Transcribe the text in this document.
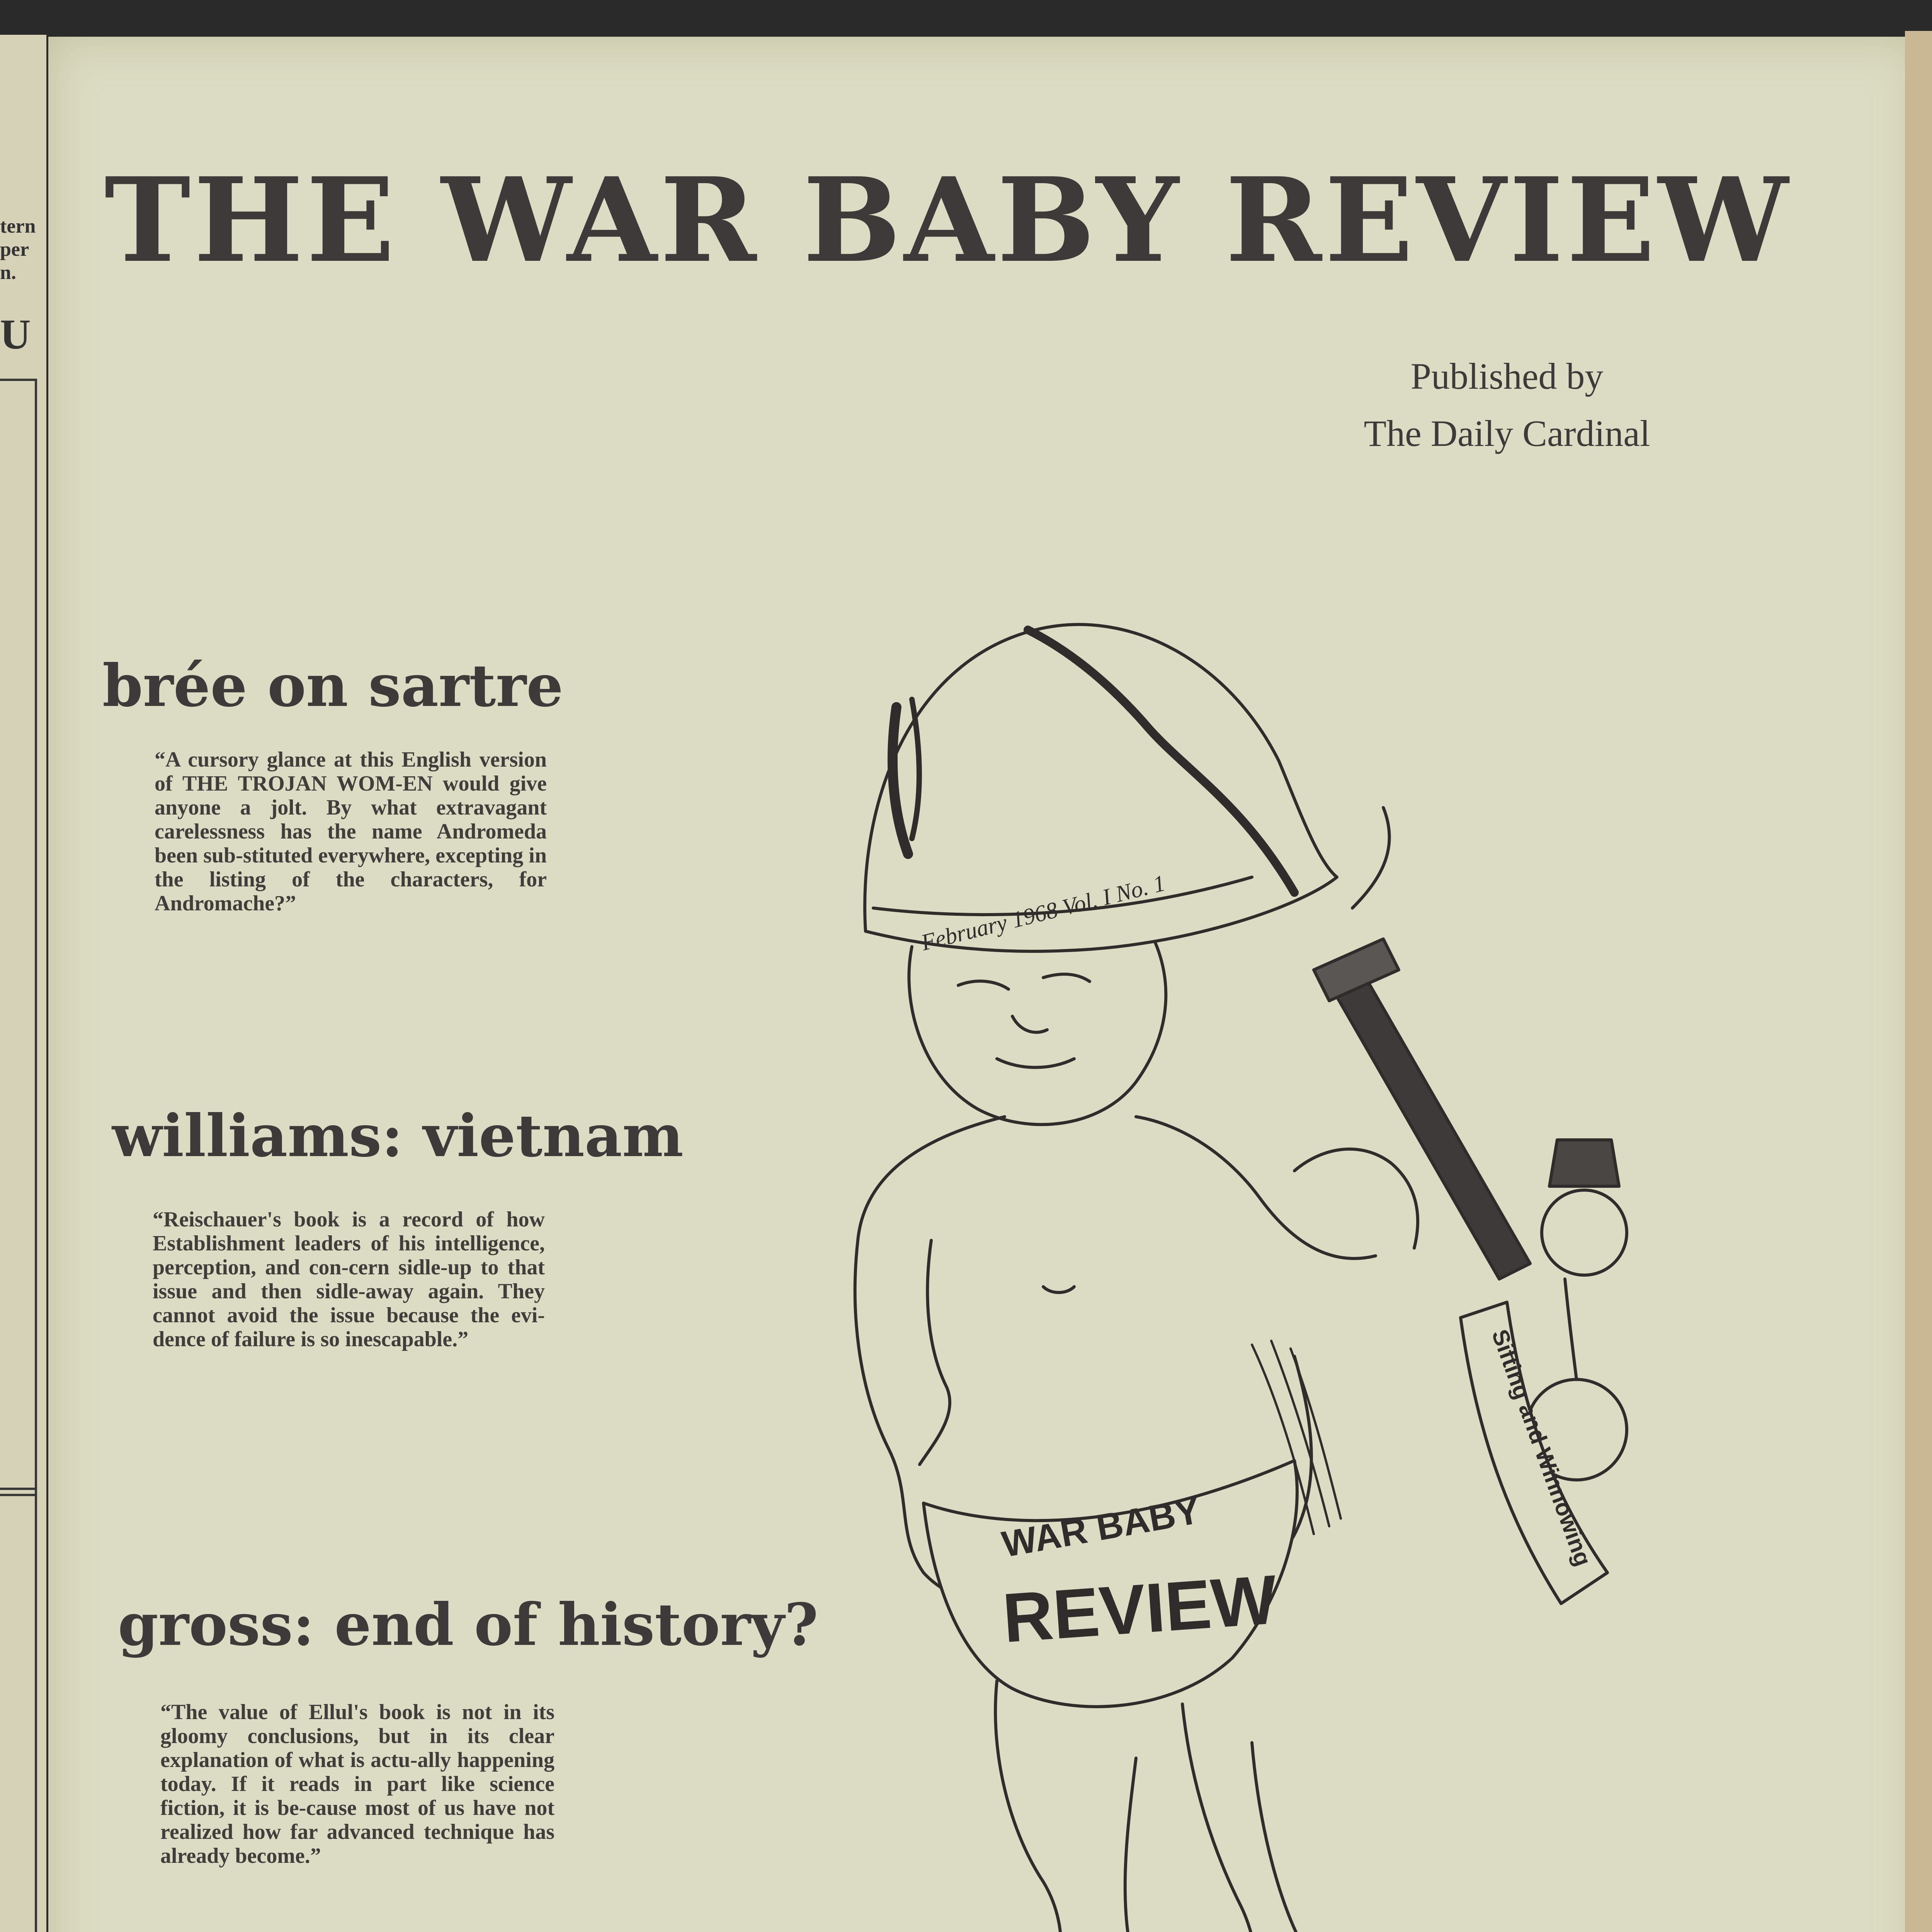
tern
per
n.
U
THE WAR BABY REVIEW
Published by
The Daily Cardinal
brée on sartre
“A cursory glance at this English version of THE TROJAN WOM-EN would give anyone a jolt. By what extravagant carelessness has the name Andromeda been sub-stituted everywhere, excepting in the listing of the characters, for Andromache?”
williams: vietnam
“Reischauer's book is a record of how Establishment leaders of his intelligence, perception, and con-cern sidle-up to that issue and then sidle-away again. They cannot avoid the issue because the evi-dence of failure is so inescapable.”
gross: end of history?
“The value of Ellul's book is not in its gloomy conclusions, but in its clear explanation of what is actu-ally happening today. If it reads in part like science fiction, it is be-cause most of us have not realized how far advanced technique has already become.”
February 1968 Vol. I No. 1
WAR BABY
REVIEW
Sifting and Winnowing
